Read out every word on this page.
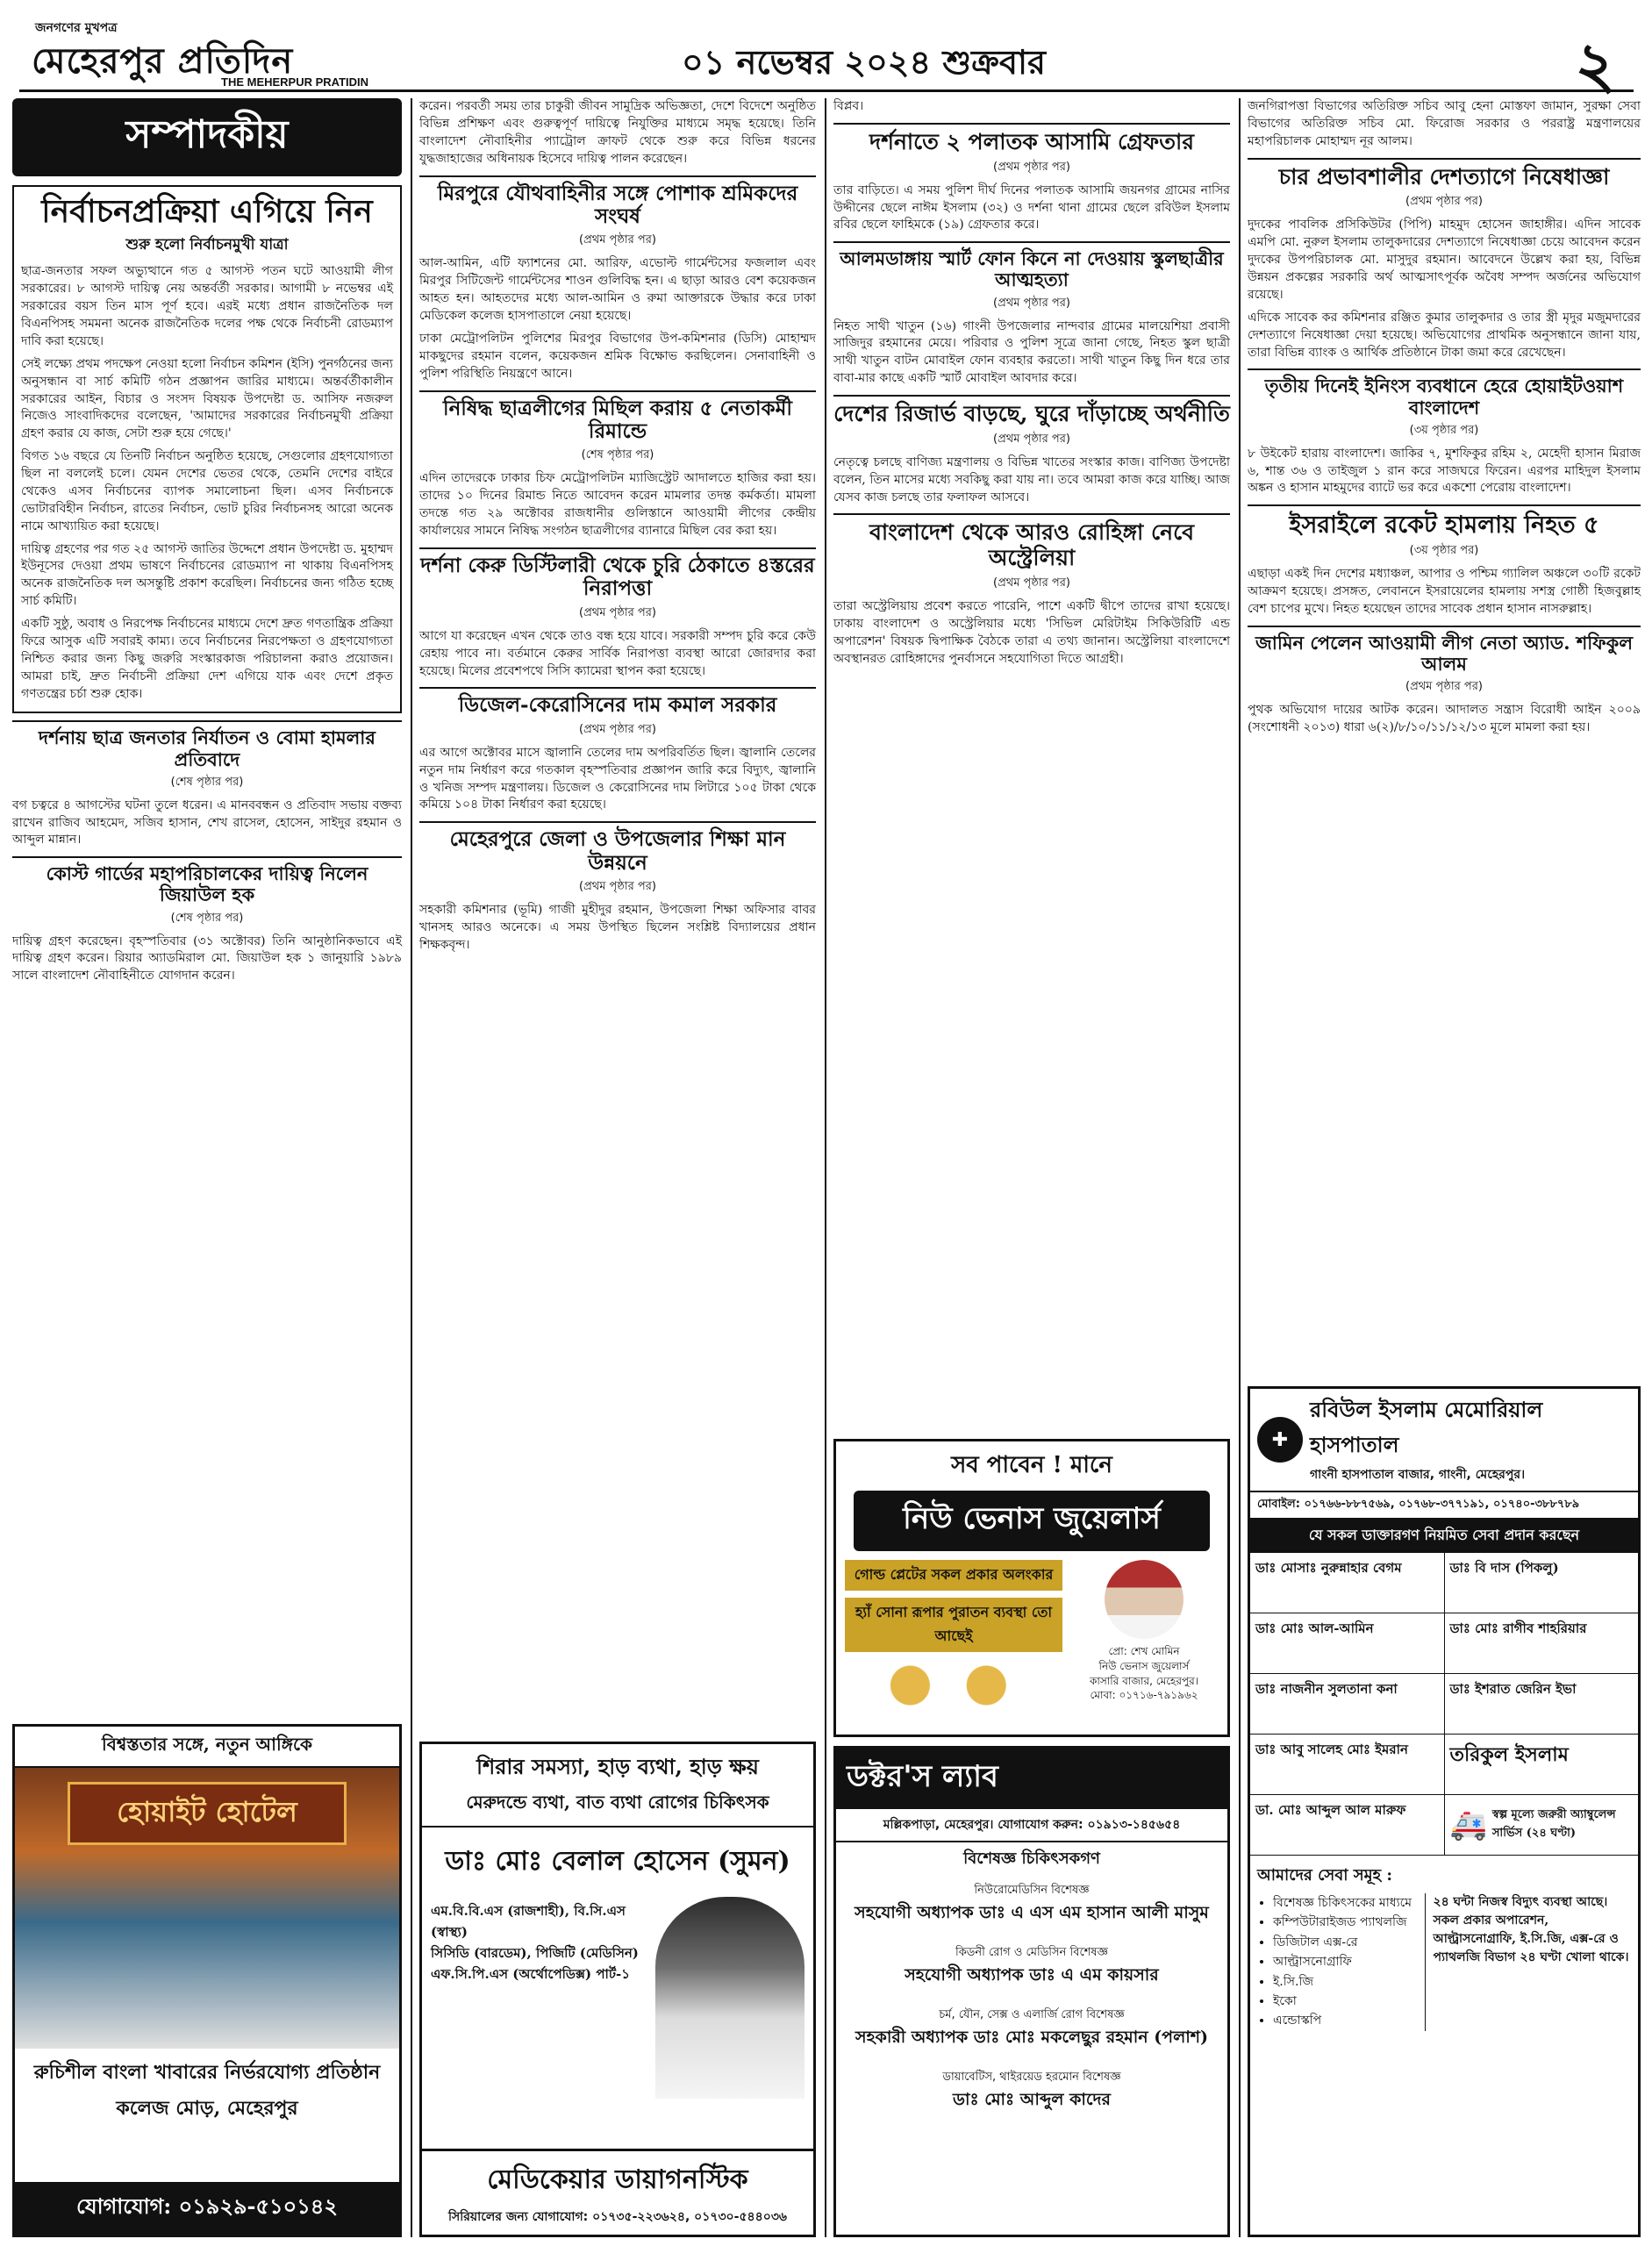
জনগণের মুখপত্র
মেহেরপুর প্রতিদিন
THE MEHERPUR PRATIDIN
০১ নভেম্বর ২০২৪ শুক্রবার	২
সম্পাদকীয়
নির্বাচনপ্রক্রিয়া এগিয়ে নিন
শুরু হলো নির্বাচনমুখী যাত্রা

ছাত্র-জনতার সফল অভ্যুত্থানে গত ৫ আগস্ট পতন ঘটে আওয়ামী লীগ সরকারের। ৮ আগস্ট দায়িত্ব নেয় অন্তর্বর্তী সরকার। আগামী ৮ নভেম্বর এই সরকারের বয়স তিন মাস পূর্ণ হবে। এরই মধ্যে প্রধান রাজনৈতিক দল বিএনপিসহ সমমনা অনেক রাজনৈতিক দলের পক্ষ থেকে নির্বাচনী রোডম্যাপ দাবি করা হয়েছে।

সেই লক্ষ্যে প্রথম পদক্ষেপ নেওয়া হলো নির্বাচন কমিশন (ইসি) পুনর্গঠনের জন্য অনুসন্ধান বা সার্চ কমিটি গঠন প্রজ্ঞাপন জারির মাধ্যমে। অন্তর্বর্তীকালীন সরকারের আইন, বিচার ও সংসদ বিষয়ক উপদেষ্টা ড. আসিফ নজরুল নিজেও সাংবাদিকদের বলেছেন, 'আমাদের সরকারের নির্বাচনমুখী প্রক্রিয়া গ্রহণ করার যে কাজ, সেটা শুরু হয়ে গেছে।'

বিগত ১৬ বছরে যে তিনটি নির্বাচন অনুষ্ঠিত হয়েছে, সেগুলোর গ্রহণযোগ্যতা ছিল না বললেই চলে। যেমন দেশের ভেতর থেকে, তেমনি দেশের বাইরে থেকেও এসব নির্বাচনের ব্যাপক সমালোচনা ছিল। এসব নির্বাচনকে ভোটারবিহীন নির্বাচন, রাতের নির্বাচন, ভোট চুরির নির্বাচনসহ আরো অনেক নামে আখ্যায়িত করা হয়েছে।

দায়িত্ব গ্রহণের পর গত ২৫ আগস্ট জাতির উদ্দেশে প্রধান উপদেষ্টা ড. মুহাম্মদ ইউনূসের দেওয়া প্রথম ভাষণে নির্বাচনের রোডম্যাপ না থাকায় বিএনপিসহ অনেক রাজনৈতিক দল অসন্তুষ্টি প্রকাশ করেছিল। নির্বাচনের জন্য গঠিত হচ্ছে সার্চ কমিটি।

একটি সুষ্ঠু, অবাধ ও নিরপেক্ষ নির্বাচনের মাধ্যমে দেশে দ্রুত গণতান্ত্রিক প্রক্রিয়া ফিরে আসুক এটি সবারই কাম্য। তবে নির্বাচনের নিরপেক্ষতা ও গ্রহণযোগ্যতা নিশ্চিত করার জন্য কিছু জরুরি সংস্কারকাজ পরিচালনা করাও প্রয়োজন। আমরা চাই, দ্রুত নির্বাচনী প্রক্রিয়া দেশ এগিয়ে যাক এবং দেশে প্রকৃত গণতন্ত্রের চর্চা শুরু হোক।

দর্শনায় ছাত্র জনতার নির্যাতন ও বোমা হামলার প্রতিবাদে
(শেষ পৃষ্ঠার পর)

বগ চত্বরে ৪ আগস্টের ঘটনা তুলে ধরেন। এ মানববন্ধন ও প্রতিবাদ সভায় বক্তব্য রাখেন রাজিব আহমেদ, সজিব হাসান, শেখ রাসেল, হোসেন, সাইদুর রহমান ও আব্দুল মান্নান।

কোস্ট গার্ডের মহাপরিচালকের দায়িত্ব নিলেন জিয়াউল হক
(শেষ পৃষ্ঠার পর)

দায়িত্ব গ্রহণ করেছেন। বৃহস্পতিবার (৩১ অক্টোবর) তিনি আনুষ্ঠানিকভাবে এই দায়িত্ব গ্রহণ করেন। রিয়ার অ্যাডমিরাল মো. জিয়াউল হক ১ জানুয়ারি ১৯৮৯ সালে বাংলাদেশ নৌবাহিনীতে যোগদান করেন।

বিশ্বস্ততার সঙ্গে, নতুন আঙ্গিকে
হোয়াইট হোটেল
রুচিশীল বাংলা খাবারের নির্ভরযোগ্য প্রতিষ্ঠান
কলেজ মোড়, মেহেরপুর
যোগাযোগ: ০১৯২৯-৫১০১৪২

করেন। পরবর্তী সময় তার চাকুরী জীবন সামুদ্রিক অভিজ্ঞতা, দেশে বিদেশে অনুষ্ঠিত বিভিন্ন প্রশিক্ষণ এবং গুরুত্বপূর্ণ দায়িত্বে নিযুক্তির মাধ্যমে সমৃদ্ধ হয়েছে। তিনি বাংলাদেশ নৌবাহিনীর প্যাট্রোল ক্রাফট থেকে শুরু করে বিভিন্ন ধরনের যুদ্ধজাহাজের অধিনায়ক হিসেবে দায়িত্ব পালন করেছেন।

মিরপুরে যৌথবাহিনীর সঙ্গে পোশাক শ্রমিকদের সংঘর্ষ
(প্রথম পৃষ্ঠার পর)

আল-আমিন, এটি ফ্যাশনের মো. আরিফ, এভোল্ট গার্মেন্টসের ফজলাল এবং মিরপুর সিটিজেন্ট গার্মেন্টসের শাওন গুলিবিদ্ধ হন। এ ছাড়া আরও বেশ কয়েকজন আহত হন। আহতদের মধ্যে আল-আমিন ও রুমা আক্তারকে উদ্ধার করে ঢাকা মেডিকেল কলেজ হাসপাতালে নেয়া হয়েছে।

ঢাকা মেট্রোপলিটন পুলিশের মিরপুর বিভাগের উপ-কমিশনার (ডিসি) মোহাম্মদ মাকছুদের রহমান বলেন, কয়েকজন শ্রমিক বিক্ষোভ করছিলেন। সেনাবাহিনী ও পুলিশ পরিস্থিতি নিয়ন্ত্রণে আনে।

নিষিদ্ধ ছাত্রলীগের মিছিল করায় ৫ নেতাকর্মী রিমান্ডে
(শেষ পৃষ্ঠার পর)

এদিন তাদেরকে ঢাকার চিফ মেট্রোপলিটন ম্যাজিস্ট্রেট আদালতে হাজির করা হয়। তাদের ১০ দিনের রিমান্ড নিতে আবেদন করেন মামলার তদন্ত কর্মকর্তা। মামলা তদন্তে গত ২৯ অক্টোবর রাজধানীর গুলিস্তানে আওয়ামী লীগের কেন্দ্রীয় কার্যালয়ের সামনে নিষিদ্ধ সংগঠন ছাত্রলীগের ব্যানারে মিছিল বের করা হয়।

দর্শনা কেরু ডিস্টিলারী থেকে চুরি ঠেকাতে ৪স্তরের নিরাপত্তা
(প্রথম পৃষ্ঠার পর)

আগে যা করেছেন এখন থেকে তাও বন্ধ হয়ে যাবে। সরকারী সম্পদ চুরি করে কেউ রেহায় পাবে না। বর্তমানে কেরুর সার্বিক নিরাপত্তা ব্যবস্থা আরো জোরদার করা হয়েছে। মিলের প্রবেশপথে সিসি ক্যামেরা স্থাপন করা হয়েছে।

ডিজেল-কেরোসিনের দাম কমাল সরকার
(প্রথম পৃষ্ঠার পর)

এর আগে অক্টোবর মাসে জ্বালানি তেলের দাম অপরিবর্তিত ছিল। জ্বালানি তেলের নতুন দাম নির্ধারণ করে গতকাল বৃহস্পতিবার প্রজ্ঞাপন জারি করে বিদ্যুৎ, জ্বালানি ও খনিজ সম্পদ মন্ত্রণালয়। ডিজেল ও কেরোসিনের দাম লিটারে ১০৫ টাকা থেকে কমিয়ে ১০৪ টাকা নির্ধারণ করা হয়েছে।

মেহেরপুরে জেলা ও উপজেলার শিক্ষা মান উন্নয়নে
(প্রথম পৃষ্ঠার পর)

সহকারী কমিশনার (ভূমি) গাজী মুহীদুর রহমান, উপজেলা শিক্ষা অফিসার বাবর খানসহ আরও অনেকে। এ সময় উপস্থিত ছিলেন সংশ্লিষ্ট বিদ্যালয়ের প্রধান শিক্ষকবৃন্দ।

শিরার সমস্যা, হাড় ব্যথা, হাড় ক্ষয়
মেরুদন্ডে ব্যথা, বাত ব্যথা রোগের চিকিৎসক
ডাঃ মোঃ বেলাল হোসেন (সুমন)
এম.বি.বি.এস (রাজশাহী), বি.সি.এস (স্বাস্থ্য)
সিসিডি (বারডেম), পিজিটি (মেডিসিন)
এফ.সি.পি.এস (অর্থোপেডিক্স) পার্ট-১
মেডিকেয়ার ডায়াগনস্টিক
সিরিয়ালের জন্য যোগাযোগ: ০১৭৩৫-২২৩৬২৪, ০১৭৩০-৫৪৪০৩৬

বিপ্লব।

দর্শনাতে ২ পলাতক আসামি গ্রেফতার
(প্রথম পৃষ্ঠার পর)

তার বাড়িতে। এ সময় পুলিশ দীর্ঘ দিনের পলাতক আসামি জয়নগর গ্রামের নাসির উদ্দীনের ছেলে নাঈম ইসলাম (৩২) ও দর্শনা থানা গ্রামের ছেলে রবিউল ইসলাম রবির ছেলে ফাহিমকে (১৯) গ্রেফতার করে।

আলমডাঙ্গায় স্মার্ট ফোন কিনে না দেওয়ায় স্কুলছাত্রীর আত্মহত্যা
(প্রথম পৃষ্ঠার পর)

নিহত সাথী খাতুন (১৬) গাংনী উপজেলার নান্দবার গ্রামের মালয়েশিয়া প্রবাসী সাজিদুর রহমানের মেয়ে। পরিবার ও পুলিশ সূত্রে জানা গেছে, নিহত স্কুল ছাত্রী সাথী খাতুন বাটন মোবাইল ফোন ব্যবহার করতো। সাথী খাতুন কিছু দিন ধরে তার বাবা-মার কাছে একটি স্মার্ট মোবাইল আবদার করে।

দেশের রিজার্ভ বাড়ছে, ঘুরে দাঁড়াচ্ছে অর্থনীতি
(প্রথম পৃষ্ঠার পর)

নেতৃত্বে চলছে বাণিজ্য মন্ত্রণালয় ও বিভিন্ন খাতের সংস্কার কাজ। বাণিজ্য উপদেষ্টা বলেন, তিন মাসের মধ্যে সবকিছু করা যায় না। তবে আমরা কাজ করে যাচ্ছি। আজ যেসব কাজ চলছে তার ফলাফল আসবে।

বাংলাদেশ থেকে আরও রোহিঙ্গা নেবে অস্ট্রেলিয়া
(প্রথম পৃষ্ঠার পর)

তারা অস্ট্রেলিয়ায় প্রবেশ করতে পারেনি, পাশে একটি দ্বীপে তাদের রাখা হয়েছে। ঢাকায় বাংলাদেশ ও অস্ট্রেলিয়ার মধ্যে 'সিভিল মেরিটাইম সিকিউরিটি এন্ড অপারেশন' বিষয়ক দ্বিপাক্ষিক বৈঠকে তারা এ তথ্য জানান। অস্ট্রেলিয়া বাংলাদেশে অবস্থানরত রোহিঙ্গাদের পুনর্বাসনে সহযোগিতা দিতে আগ্রহী।

সব পাবেন ! মানে
নিউ ভেনাস জুয়েলার্স
গোল্ড প্লেটের সকল প্রকার অলংকার
হ্যাঁ সোনা রূপার পুরাতন ব্যবস্থা তো আছেই
প্রো: শেখ মোমিন
নিউ ভেনাস জুয়েলার্স
কাসারি বাজার, মেহেরপুর।
মোবা: ০১৭১৬-৭৯১৯৬২
ডক্টর'স ল্যাব
মল্লিকপাড়া, মেহেরপুর। যোগাযোগ করুন: ০১৯১৩-১৪৫৬৫৪
বিশেষজ্ঞ চিকিৎসকগণ
নিউরোমেডিসিন বিশেষজ্ঞ
সহযোগী অধ্যাপক ডাঃ এ এস এম হাসান আলী মাসুম
কিডনী রোগ ও মেডিসিন বিশেষজ্ঞ
সহযোগী অধ্যাপক ডাঃ এ এম কায়সার
চর্ম, যৌন, সেক্স ও এলার্জি রোগ বিশেষজ্ঞ
সহকারী অধ্যাপক ডাঃ মোঃ মকলেছুর রহমান (পলাশ)
ডায়াবেটিস, থাইরয়েড হরমোন বিশেষজ্ঞ
ডাঃ মোঃ আব্দুল কাদের

জনগিরাপত্তা বিভাগের অতিরিক্ত সচিব আবু হেনা মোস্তফা জামান, সুরক্ষা সেবা বিভাগের অতিরিক্ত সচিব মো. ফিরোজ সরকার ও পররাষ্ট্র মন্ত্রণালয়ের মহাপরিচালক মোহাম্মদ নূর আলম।

চার প্রভাবশালীর দেশত্যাগে নিষেধাজ্ঞা
(প্রথম পৃষ্ঠার পর)

দুদকের পাবলিক প্রসিকিউটর (পিপি) মাহমুদ হোসেন জাহাঙ্গীর। এদিন সাবেক এমপি মো. নুরুল ইসলাম তালুকদারের দেশত্যাগে নিষেধাজ্ঞা চেয়ে আবেদন করেন দুদকের উপপরিচালক মো. মাসুদুর রহমান। আবেদনে উল্লেখ করা হয়, বিভিন্ন উন্নয়ন প্রকল্পের সরকারি অর্থ আত্মসাৎপূর্বক অবৈধ সম্পদ অর্জনের অভিযোগ রয়েছে।

এদিকে সাবেক কর কমিশনার রঞ্জিত কুমার তালুকদার ও তার স্ত্রী মৃদুর মজুমদারের দেশত্যাগে নিষেধাজ্ঞা দেয়া হয়েছে। অভিযোগের প্রাথমিক অনুসন্ধানে জানা যায়, তারা বিভিন্ন ব্যাংক ও আর্থিক প্রতিষ্ঠানে টাকা জমা করে রেখেছেন।

তৃতীয় দিনেই ইনিংস ব্যবধানে হেরে হোয়াইটওয়াশ বাংলাদেশ
(৩য় পৃষ্ঠার পর)

৮ উইকেট হারায় বাংলাদেশ। জাকির ৭, মুশফিকুর রহিম ২, মেহেদী হাসান মিরাজ ৬, শান্ত ৩৬ ও তাইজুল ১ রান করে সাজঘরে ফিরেন। এরপর মাহিদুল ইসলাম অঙ্কন ও হাসান মাহমুদের ব্যাটে ভর করে একশো পেরোয় বাংলাদেশ।

ইসরাইলে রকেট হামলায় নিহত ৫
(৩য় পৃষ্ঠার পর)

এছাড়া একই দিন দেশের মধ্যাঞ্চল, আপার ও পশ্চিম গ্যালিল অঞ্চলে ৩০টি রকেট আক্রমণ হয়েছে। প্রসঙ্গত, লেবাননে ইসরায়েলের হামলায় সশস্ত্র গোষ্ঠী হিজবুল্লাহ বেশ চাপের মুখে। নিহত হয়েছেন তাদের সাবেক প্রধান হাসান নাসরুল্লাহ।

জামিন পেলেন আওয়ামী লীগ নেতা অ্যাড. শফিকুল আলম
(প্রথম পৃষ্ঠার পর)

পুথক অভিযোগ দায়ের আটক করেন। আদালত সন্ত্রাস বিরোধী আইন ২০০৯ (সংশোধনী ২০১৩) ধারা ৬(২)/৮/১০/১১/১২/১৩ মূলে মামলা করা হয়।

✚
রবিউল ইসলাম মেমোরিয়াল হাসপাতাল
গাংনী হাসপাতাল বাজার, গাংনী, মেহেরপুর।
মোবাইল: ০১৭৬৬-৮৮৭৫৬৯, ০১৭৬৮-৩৭৭১৯১, ০১৭৪০-৩৮৮৭৮৯
যে সকল ডাক্তারগণ নিয়মিত সেবা প্রদান করছেন
ডাঃ মোসাঃ নুরুন্নাহার বেগম	ডাঃ বি দাস (পিকলু)
ডাঃ মোঃ আল-আমিন	ডাঃ মোঃ রাগীব শাহরিয়ার
ডাঃ নাজনীন সুলতানা কনা	ডাঃ ইশরাত জেরিন ইভা
ডাঃ আবু সালেহ মোঃ ইমরান	তরিকুল ইসলাম
ডা. মোঃ আব্দুল আল মারুফ	🚑 স্বল্প মূল্যে জরুরী অ্যাম্বুলেন্স সার্ভিস (২৪ ঘণ্টা)
আমাদের সেবা সমূহ :
• বিশেষজ্ঞ চিকিৎসকের মাধ্যমে
• কম্পিউটারাইজড প্যাথলজি
• ডিজিটাল এক্স-রে
• আল্ট্রাসনোগ্রাফি
• ই.সি.জি
• ইকো
• এন্ডোস্কপি
২৪ ঘন্টা নিজস্ব বিদ্যুৎ ব্যবস্থা আছে। সকল প্রকার অপারেশন, আল্ট্রাসনোগ্রাফি, ই.সি.জি, এক্স-রে ও প্যাথলজি বিভাগ ২৪ ঘণ্টা খোলা থাকে।
